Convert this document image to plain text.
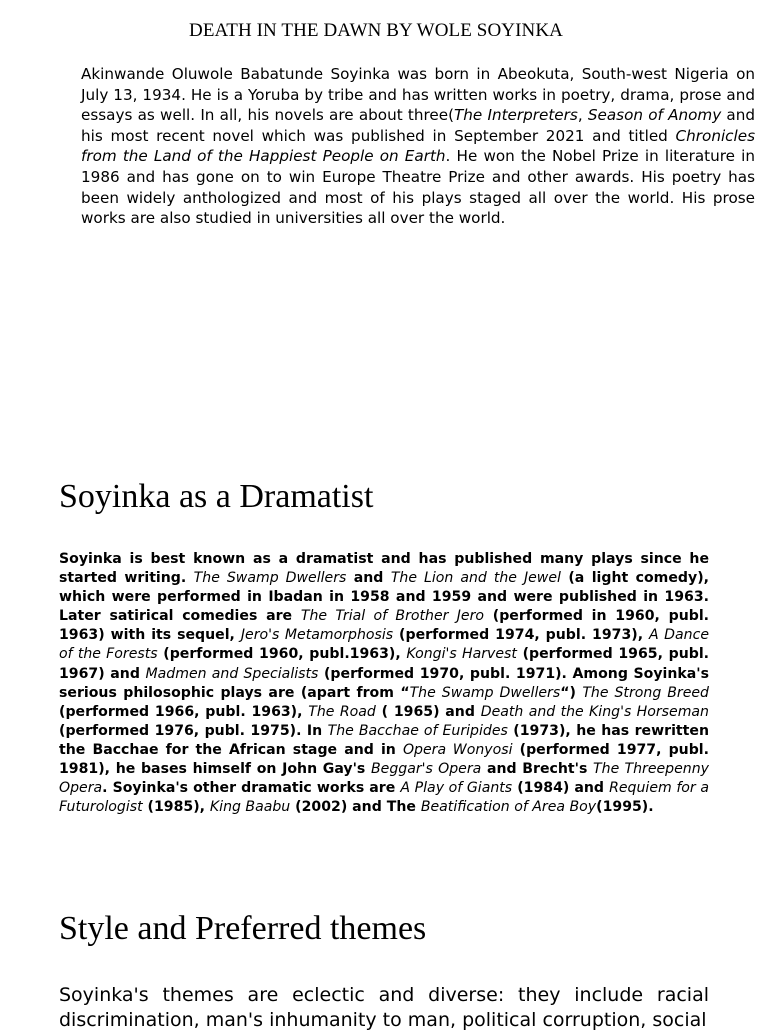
DEATH IN THE DAWN BY WOLE SOYINKA

Akinwande Oluwole Babatunde Soyinka was born in Abeokuta, South-west Nigeria on July 13, 1934. He is a Yoruba by tribe and has written works in poetry, drama, prose and essays as well. In all, his novels are about three(The Interpreters, Season of Anomy and his most recent novel which was published in September 2021 and titled Chronicles from the Land of the Happiest People on Earth. He won the Nobel Prize in literature in 1986 and has gone on to win Europe Theatre Prize and other awards. His poetry has been widely anthologized and most of his plays staged all over the world. His prose works are also studied in universities all over the world.

Soyinka as a Dramatist

Soyinka is best known as a dramatist and has published many plays since he started writing. The Swamp Dwellers and The Lion and the Jewel (a light comedy), which were performed in Ibadan in 1958 and 1959 and were published in 1963. Later satirical comedies are The Trial of Brother Jero (performed in 1960, publ. 1963) with its sequel, Jero's Metamorphosis (performed 1974, publ. 1973), A Dance of the Forests (performed 1960, publ.1963), Kongi's Harvest (performed 1965, publ. 1967) and Madmen and Specialists (performed 1970, publ. 1971). Among Soyinka's serious philosophic plays are (apart from “The Swamp Dwellers“) The Strong Breed (performed 1966, publ. 1963), The Road ( 1965) and Death and the King's Horseman (performed 1976, publ. 1975). In The Bacchae of Euripides (1973), he has rewritten the Bacchae for the African stage and in Opera Wonyosi (performed 1977, publ. 1981), he bases himself on John Gay's Beggar's Opera and Brecht's The Threepenny Opera. Soyinka's other dramatic works are A Play of Giants (1984) and Requiem for a Futurologist (1985), King Baabu (2002) and The Beatification of Area Boy(1995).

Style and Preferred themes

Soyinka's themes are eclectic and diverse: they include racial discrimination, man's inhumanity to man, political corruption, social
